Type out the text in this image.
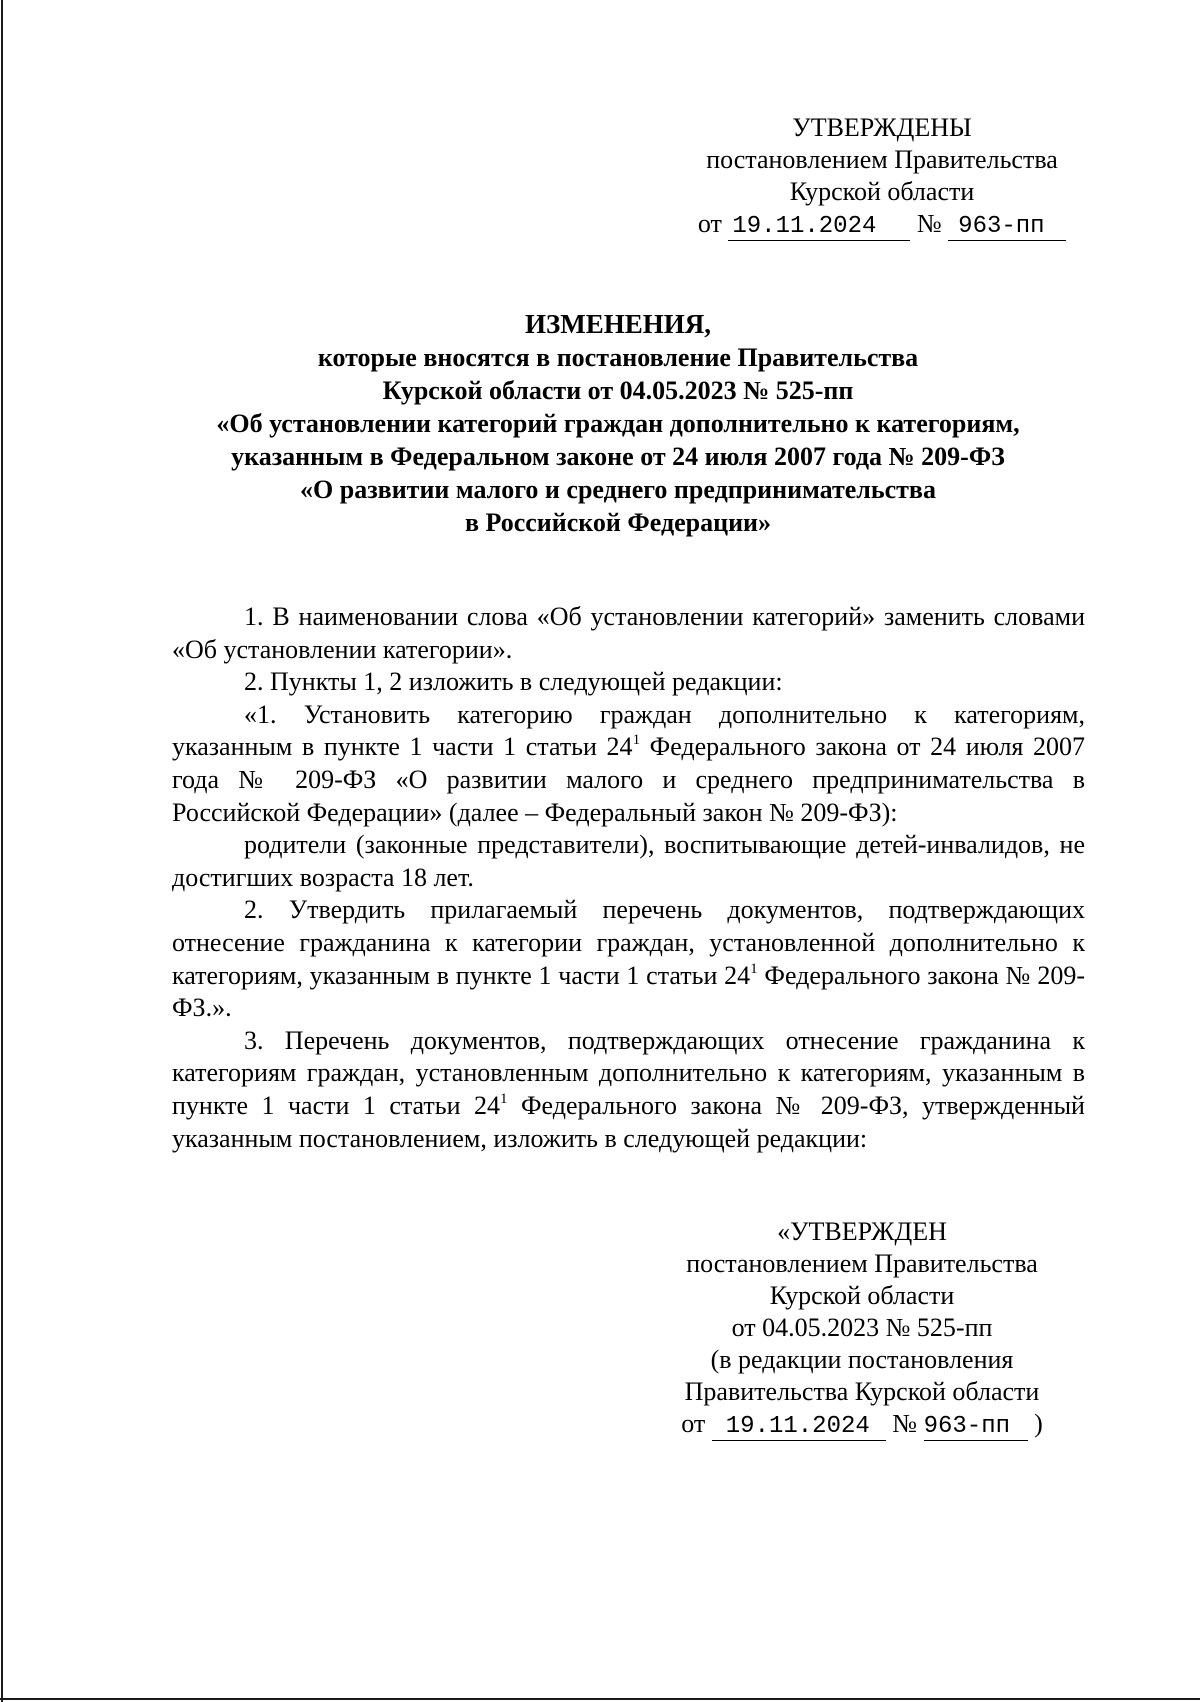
УТВЕРЖДЕНЫ
постановлением Правительства
Курской области
от 19.11.2024 № 963-пп
ИЗМЕНЕНИЯ,
которые вносятся в постановление Правительства
Курской области от 04.05.2023 № 525-пп
«Об установлении категорий граждан дополнительно к категориям,
указанным в Федеральном законе от 24 июля 2007 года № 209-ФЗ
«О развитии малого и среднего предпринимательства
в Российской Федерации»

1. В наименовании слова «Об установлении категорий» заменить словами «Об установлении категории».

2. Пункты 1, 2 изложить в следующей редакции:

«1. Установить категорию граждан дополнительно к категориям, указанным в пункте 1 части 1 статьи $24^1$ Федерального закона от 24 июля 2007 года № 209-ФЗ «О развитии малого и среднего предпринимательства в Российской Федерации» (далее – Федеральный закон № 209-ФЗ):

родители (законные представители), воспитывающие детей-инвалидов, не достигших возраста 18 лет.

2. Утвердить прилагаемый перечень документов, подтверждающих отнесение гражданина к категории граждан, установленной дополнительно к категориям, указанным в пункте 1 части 1 статьи $24^1$ Федерального закона № 209-ФЗ.».

3. Перечень документов, подтверждающих отнесение гражданина к категориям граждан, установленным дополнительно к категориям, указанным в пункте 1 части 1 статьи $24^1$ Федерального закона № 209-ФЗ, утвержденный указанным постановлением, изложить в следующей редакции:

«УТВЕРЖДЕН
постановлением Правительства
Курской области
от 04.05.2023 № 525-пп
(в редакции постановления
Правительства Курской области
от 19.11.2024 № 963-пп )
